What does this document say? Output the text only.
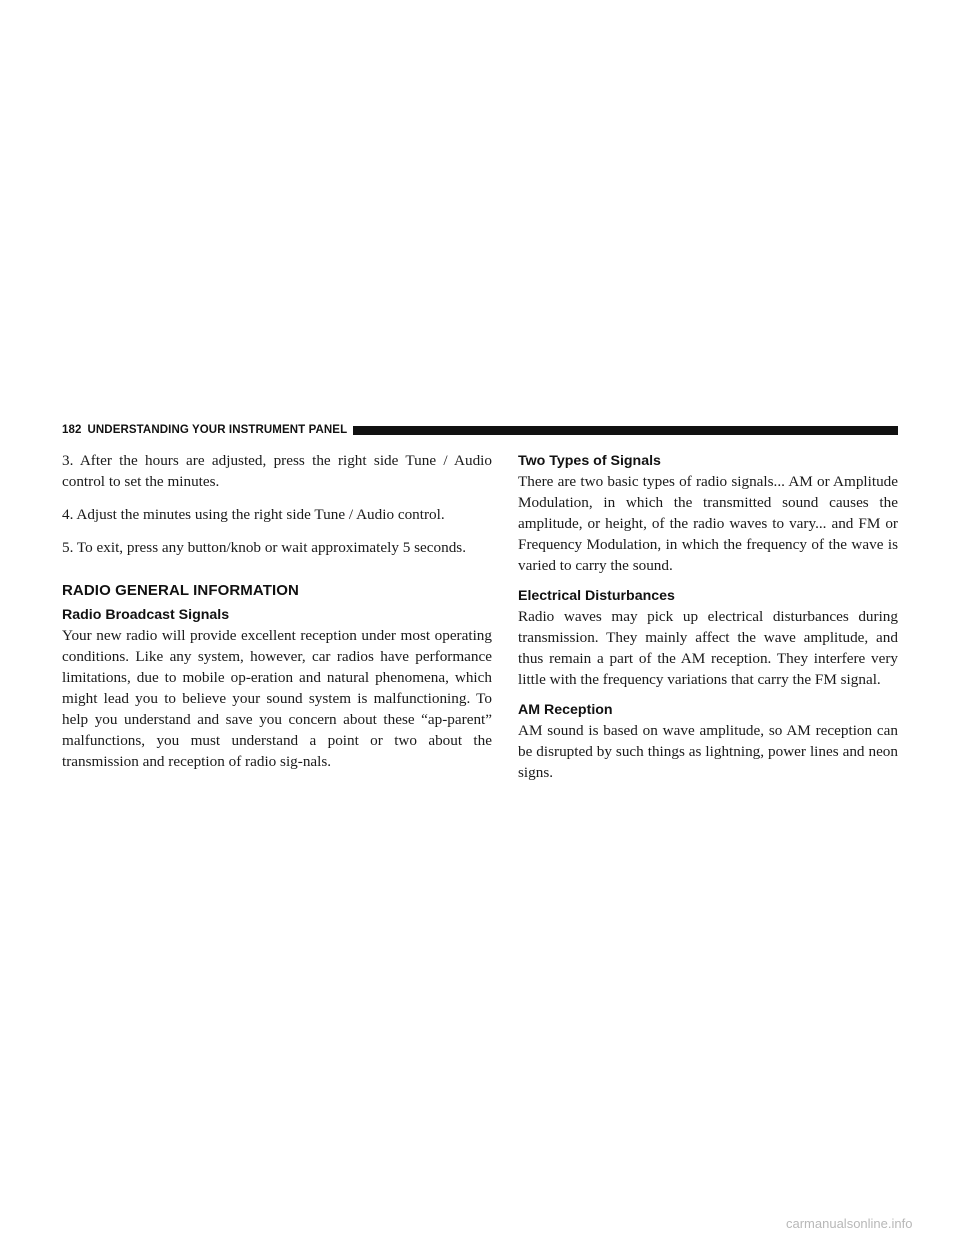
182 UNDERSTANDING YOUR INSTRUMENT PANEL

3. After the hours are adjusted, press the right side Tune / Audio control to set the minutes.

4. Adjust the minutes using the right side Tune / Audio control.

5. To exit, press any button/knob or wait approximately 5 seconds.

RADIO GENERAL INFORMATION
Radio Broadcast Signals

Your new radio will provide excellent reception under most operating conditions. Like any system, however, car radios have performance limitations, due to mobile op-eration and natural phenomena, which might lead you to believe your sound system is malfunctioning. To help you understand and save you concern about these “ap-parent” malfunctions, you must understand a point or two about the transmission and reception of radio sig-nals.

Two Types of Signals

There are two basic types of radio signals... AM or Amplitude Modulation, in which the transmitted sound causes the amplitude, or height, of the radio waves to vary... and FM or Frequency Modulation, in which the frequency of the wave is varied to carry the sound.

Electrical Disturbances

Radio waves may pick up electrical disturbances during transmission. They mainly affect the wave amplitude, and thus remain a part of the AM reception. They interfere very little with the frequency variations that carry the FM signal.

AM Reception

AM sound is based on wave amplitude, so AM reception can be disrupted by such things as lightning, power lines and neon signs.

carmanualsonline.info
